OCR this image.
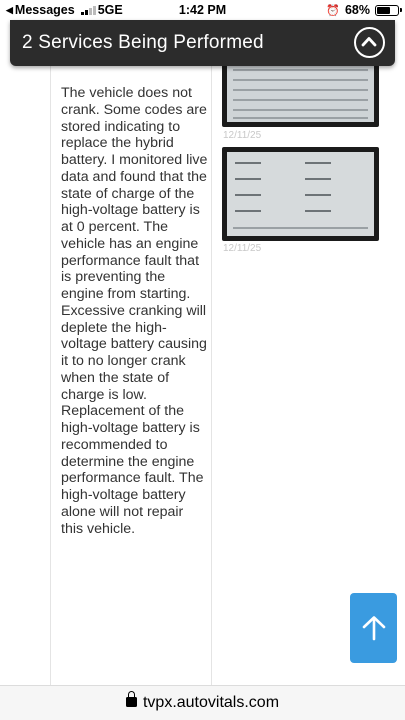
◀ Messages 5GE	1:42 PM	⏰ 68%

The vehicle does not crank. Some codes are stored indicating to replace the hybrid battery. I monitored live data and found that the state of charge of the high-voltage battery is at 0 percent. The vehicle has an engine performance fault that is preventing the engine from starting. Excessive cranking will deplete the high-voltage battery causing it to no longer crank when the state of charge is low. Replacement of the high-voltage battery is recommended to determine the engine performance fault. The high-voltage battery alone will not repair this vehicle.

12/11/25
12/11/25
2 Services Being Performed
tvpx.autovitals.com
